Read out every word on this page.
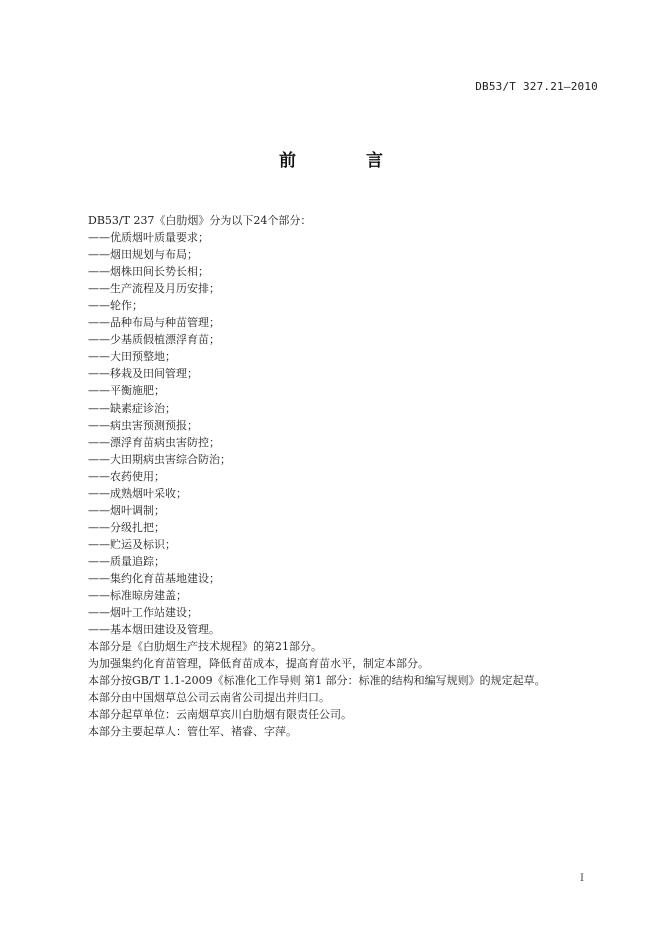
DB53/T 327.21—2010
前 言
DB53/T 237《白肋烟》分为以下24个部分：
——优质烟叶质量要求；
——烟田规划与布局；
——烟株田间长势长相；
——生产流程及月历安排；
——轮作；
——品种布局与种苗管理；
——少基质假植漂浮育苗；
——大田预整地；
——移栽及田间管理；
——平衡施肥；
——缺素症诊治；
——病虫害预测预报；
——漂浮育苗病虫害防控；
——大田期病虫害综合防治；
——农药使用；
——成熟烟叶采收；
——烟叶调制；
——分级扎把；
——贮运及标识；
——质量追踪；
——集约化育苗基地建设；
——标准晾房建盖；
——烟叶工作站建设；
——基本烟田建设及管理。
本部分是《白肋烟生产技术规程》的第21部分。
为加强集约化育苗管理，降低育苗成本，提高育苗水平，制定本部分。
本部分按GB/T 1.1-2009《标准化工作导则 第1 部分：标准的结构和编写规则》的规定起草。
本部分由中国烟草总公司云南省公司提出并归口。
本部分起草单位：云南烟草宾川白肋烟有限责任公司。
本部分主要起草人：管仕军、褚睿、字萍。
I
